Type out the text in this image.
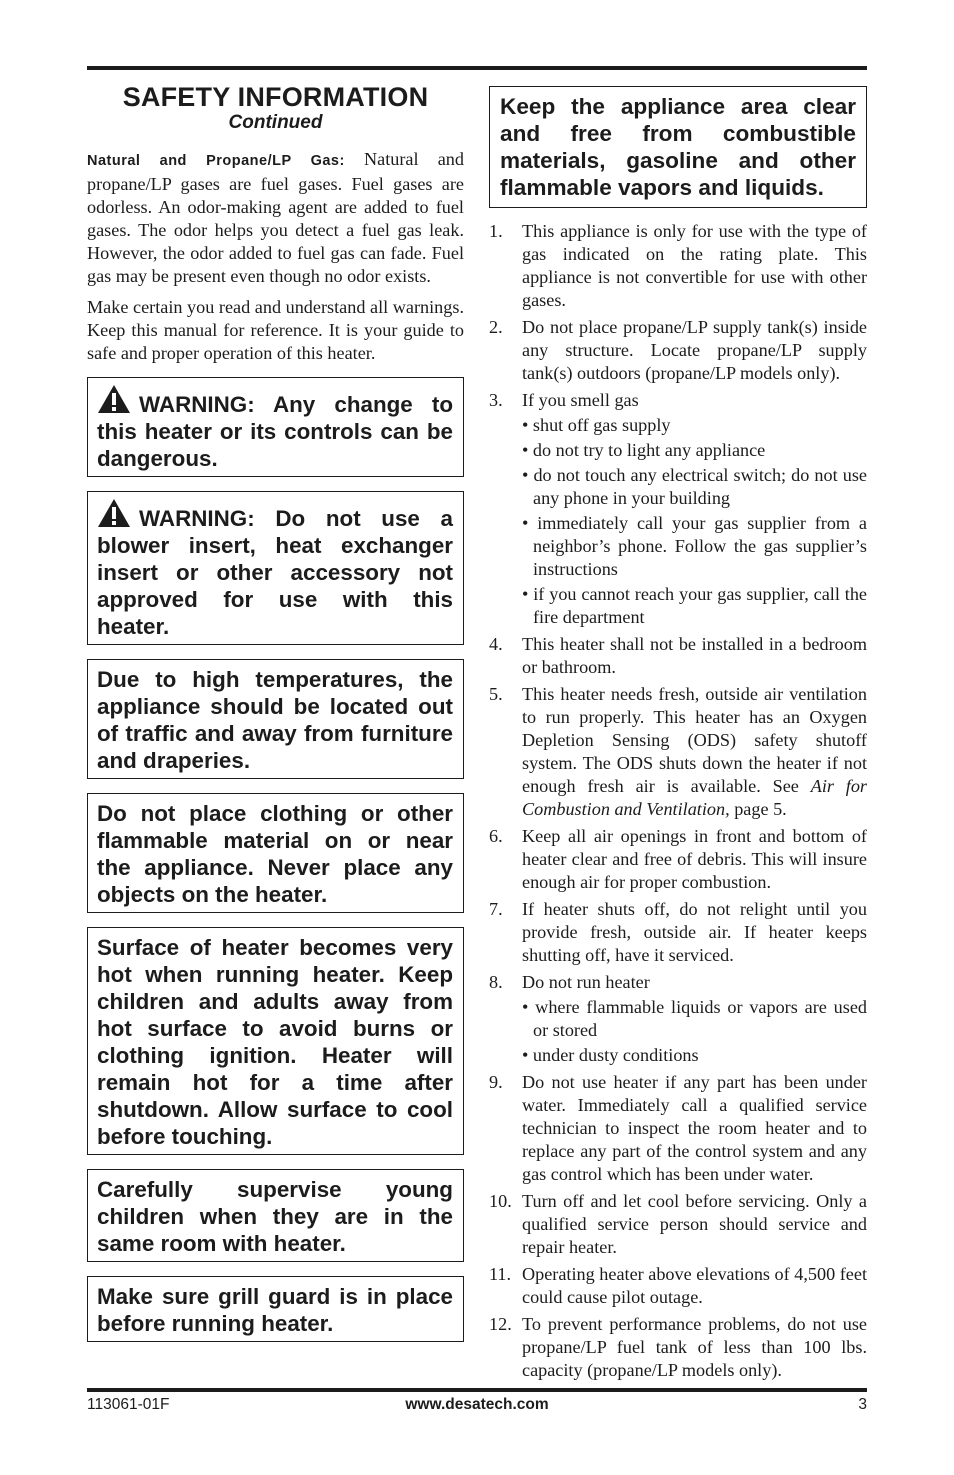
SAFETY INFORMATION
Continued

Natural and Propane/LP Gas: Natural and propane/LP gases are fuel gases. Fuel gases are odorless. An odor-making agent are added to fuel gases. The odor helps you detect a fuel gas leak. However, the odor added to fuel gas can fade. Fuel gas may be present even though no odor exists.

Make certain you read and understand all warnings. Keep this manual for reference. It is your guide to safe and proper operation of this heater.

WARNING: Any change to this heater or its controls can be dangerous.
WARNING: Do not use a blower insert, heat exchanger insert or other accessory not approved for use with this heater.
Due to high temperatures, the appliance should be located out of traffic and away from furniture and draperies.
Do not place clothing or other flammable material on or near the appliance. Never place any objects on the heater.
Surface of heater becomes very hot when running heater. Keep children and adults away from hot surface to avoid burns or clothing ignition. Heater will remain hot for a time after shutdown. Allow surface to cool before touching.
Carefully supervise young children when they are in the same room with heater.
Make sure grill guard is in place before running heater.
Keep the appliance area clear and free from combustible materials, gasoline and other flammable vapors and liquids.
1.	This appliance is only for use with the type of gas indicated on the rating plate. This appliance is not convertible for use with other gases.
2.	Do not place propane/LP supply tank(s) inside any structure. Locate propane/LP supply tank(s) outdoors (propane/LP models only).
3.	If you smell gas
• shut off gas supply
• do not try to light any appliance
• do not touch any electrical switch; do not use any phone in your building
• immediately call your gas supplier from a neighbor’s phone. Follow the gas supplier’s instructions
• if you cannot reach your gas supplier, call the fire department
4.	This heater shall not be installed in a bedroom or bathroom.
5.	This heater needs fresh, outside air ventilation to run properly. This heater has an Oxygen Depletion Sensing (ODS) safety shutoff system. The ODS shuts down the heater if not enough fresh air is available. See Air for Combustion and Ventilation, page 5.
6.	Keep all air openings in front and bottom of heater clear and free of debris. This will insure enough air for proper combustion.
7.	If heater shuts off, do not relight until you provide fresh, outside air. If heater keeps shutting off, have it serviced.
8.	Do not run heater
• where flammable liquids or vapors are used or stored
• under dusty conditions
9.	Do not use heater if any part has been under water. Immediately call a qualified service technician to inspect the room heater and to replace any part of the control system and any gas control which has been under water.
10. Turn off and let cool before servicing. Only a qualified service person should service and repair heater.
11. Operating heater above elevations of 4,500 feet could cause pilot outage.
12. To prevent performance problems, do not use propane/LP fuel tank of less than 100 lbs. capacity (propane/LP models only).
113061-01F	www.desatech.com	3
